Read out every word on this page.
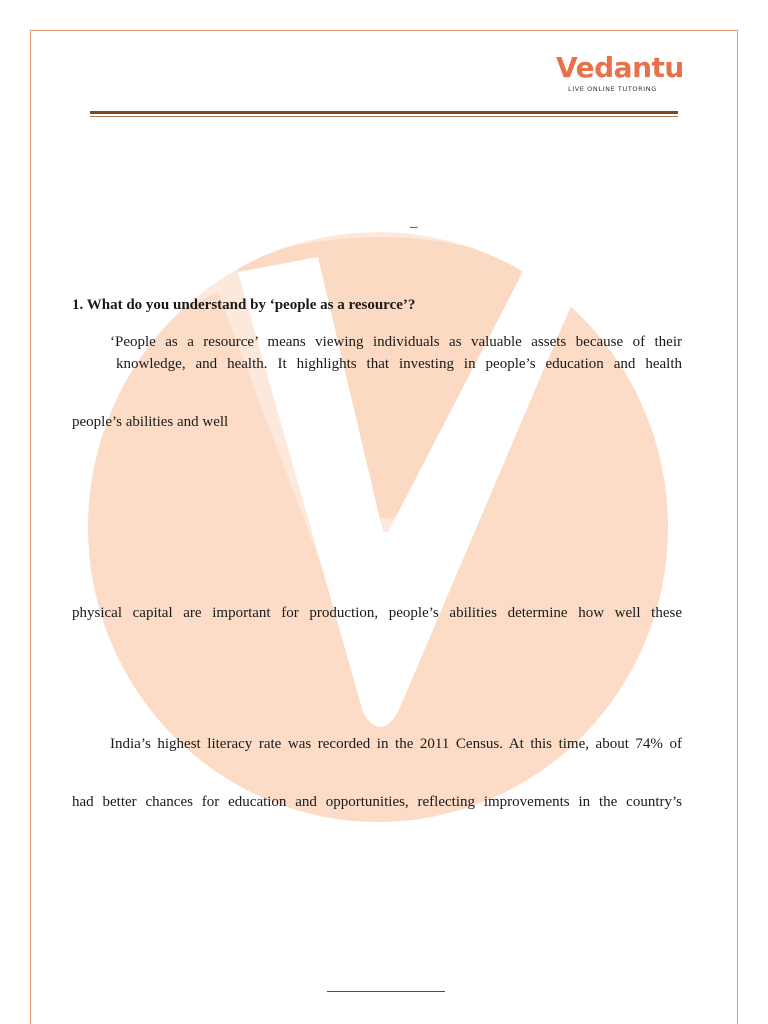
Vedantu
LIVE ONLINE TUTORING
–
1. What do you understand by ‘people as a resource’?
‘People as a resource’ means viewing individuals as valuable assets because of their
knowledge, and health. It highlights that investing in people’s education and health
people’s abilities and well
physical capital are important for production, people’s abilities determine how well these
India’s highest literacy rate was recorded in the 2011 Census. At this time, about 74% of
had better chances for education and opportunities, reflecting improvements in the country’s
